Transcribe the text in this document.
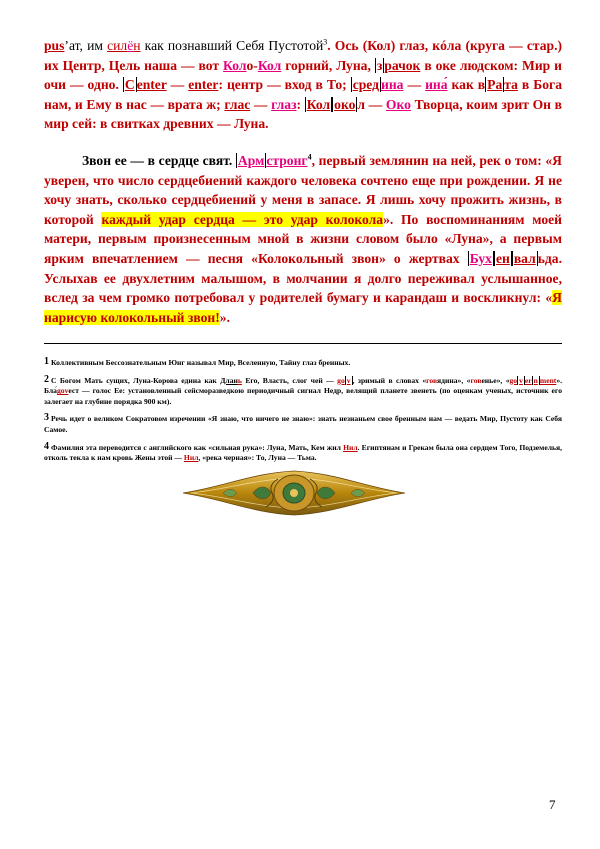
pus’ат, им силён как познавший Себя Пустотой$^3$. Ось (Кол) глаз, кóла (круга — стар.) их Центр, Цель наша — вот Коло-Кол горний, Луна, з рачок в оке людском: Мир и очи — одно. C enter — enter: центр — вход в То; сред ина — ина́ как в Ра та в Бога нам, и Ему в нас — врата ж; глас — глаз: Кол око л — Око Творца, коим зрит Он в мир сей: в свитках древних — Луна.

Звон ее — в сердце свят. Арм стронг$^4$, первый землянин на ней, рек о том: «Я уверен, что число сердцебиений каждого человека сочтено еще при рождении. Я не хочу знать, сколько сердцебиений у меня в запасе. Я лишь хочу прожить жизнь, в которой каждый удар сердца — это удар колокола». По воспоминаниям моей матери, первым произнесенным мной в жизни словом было «Луна», а первым ярким впечатлением — песня «Колокольный звон» о жертвах Бух ен вал ьда. Услыхав ее двухлетним малышом, в молчании я долго переживал услышанное, вслед за чем громко потребовал у родителей бумагу и карандаш и воскликнул: «Я нарисую колокольный звон!».

1 Коллективным Бессознательным Юнг называл Мир, Вселенную, Тайну глаз бренных.

2 С Богом Мать сущих, Луна-Корова едина как Длань Его, Власть, слог чей — go v , зримый в словах «говядина», «говенье», «go v er n ment». Бла́govест — голос Ее: установленный сейсморазведкою периодичный сигнал Недр, велящий планете звенеть (по оценкам ученых, источник его залегает на глубине порядка 900 км).

3 Речь идет о великом Сократовом изречении «Я знаю, что ничего не знаю»: знать незнаньем свое бренным нам — ведать Мир, Пустоту как Себя Самое.

4 Фамилия эта переводится с английского как «сильная рука»: Луна, Мать, Кем жил Нил. Египтянам и Грекам была она сердцем Того, Подземелья, отколь текла к нам кровь Жены этой — Нил, «река черная»: То, Луна — Тьма.

7
